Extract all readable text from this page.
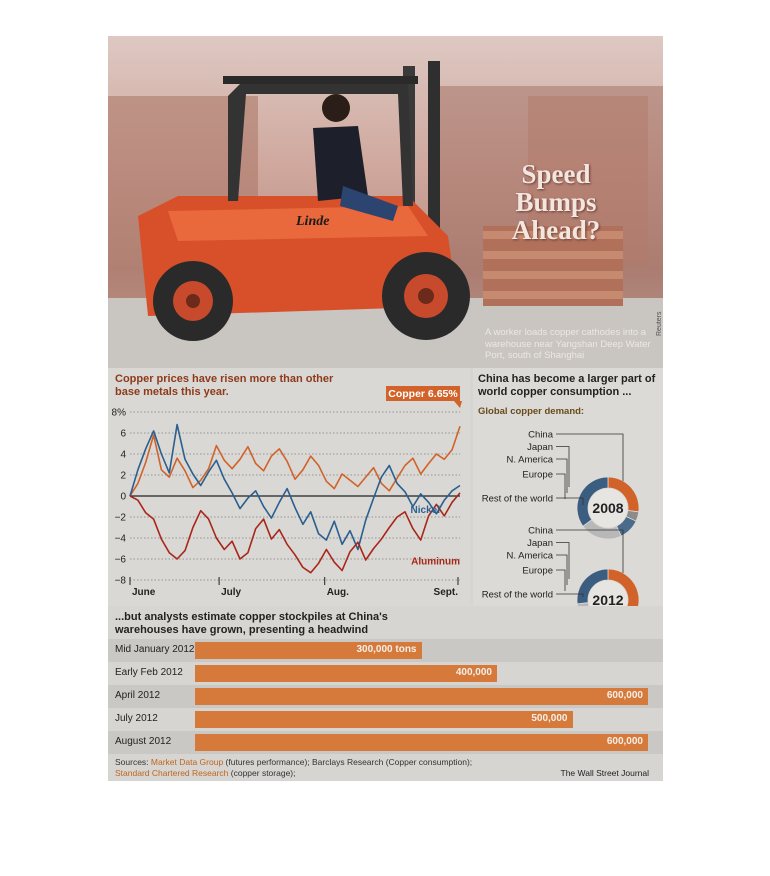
Linde
Speed Bumps Ahead?
A worker loads copper cathodes into a warehouse near Yangshan Deep Water Port, south of Shanghai
Reuters
Copper prices have risen more than other base metals this year.
8%
6
4
2
0
−2
−4
−6
−8
June	July	Aug.	Sept.
Copper 6.65%
Nickel
Aluminum
China has become a larger part of world copper consumption ...
Global copper demand:
2008
China
Japan
N. America
Europe
Rest of the world
2012
China
Japan
N. America
Europe
Rest of the world
...but analysts estimate copper stockpiles at China's warehouses have grown, presenting a headwind
Mid January 2012	300,000 tons
Early Feb 2012	400,000
April 2012	600,000
July 2012	500,000
August 2012	600,000
Sources: Market Data Group (futures performance); Barclays Research (Copper consumption);
Standard Chartered Research (copper storage);	The Wall Street Journal
